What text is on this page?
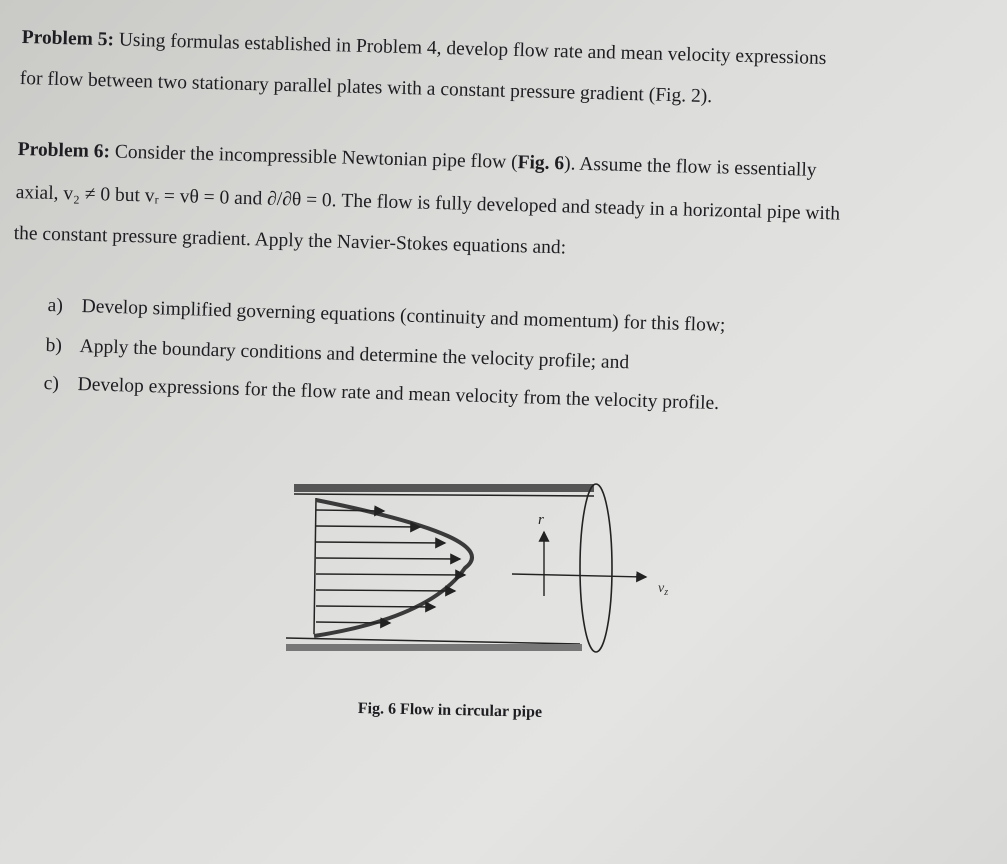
Problem 5: Using formulas established in Problem 4, develop flow rate and mean velocity expressions
for flow between two stationary parallel plates with a constant pressure gradient (Fig. 2).
Problem 6: Consider the incompressible Newtonian pipe flow (Fig. 6). Assume the flow is essentially
axial, v₂ ≠ 0 but vᵣ = vθ = 0 and ∂/∂θ = 0. The flow is fully developed and steady in a horizontal pipe with
the constant pressure gradient. Apply the Navier-Stokes equations and:
a) Develop simplified governing equations (continuity and momentum) for this flow;
b) Apply the boundary conditions and determine the velocity profile; and
c) Develop expressions for the flow rate and mean velocity from the velocity profile.
r
$v_z$
Fig. 6 Flow in circular pipe
